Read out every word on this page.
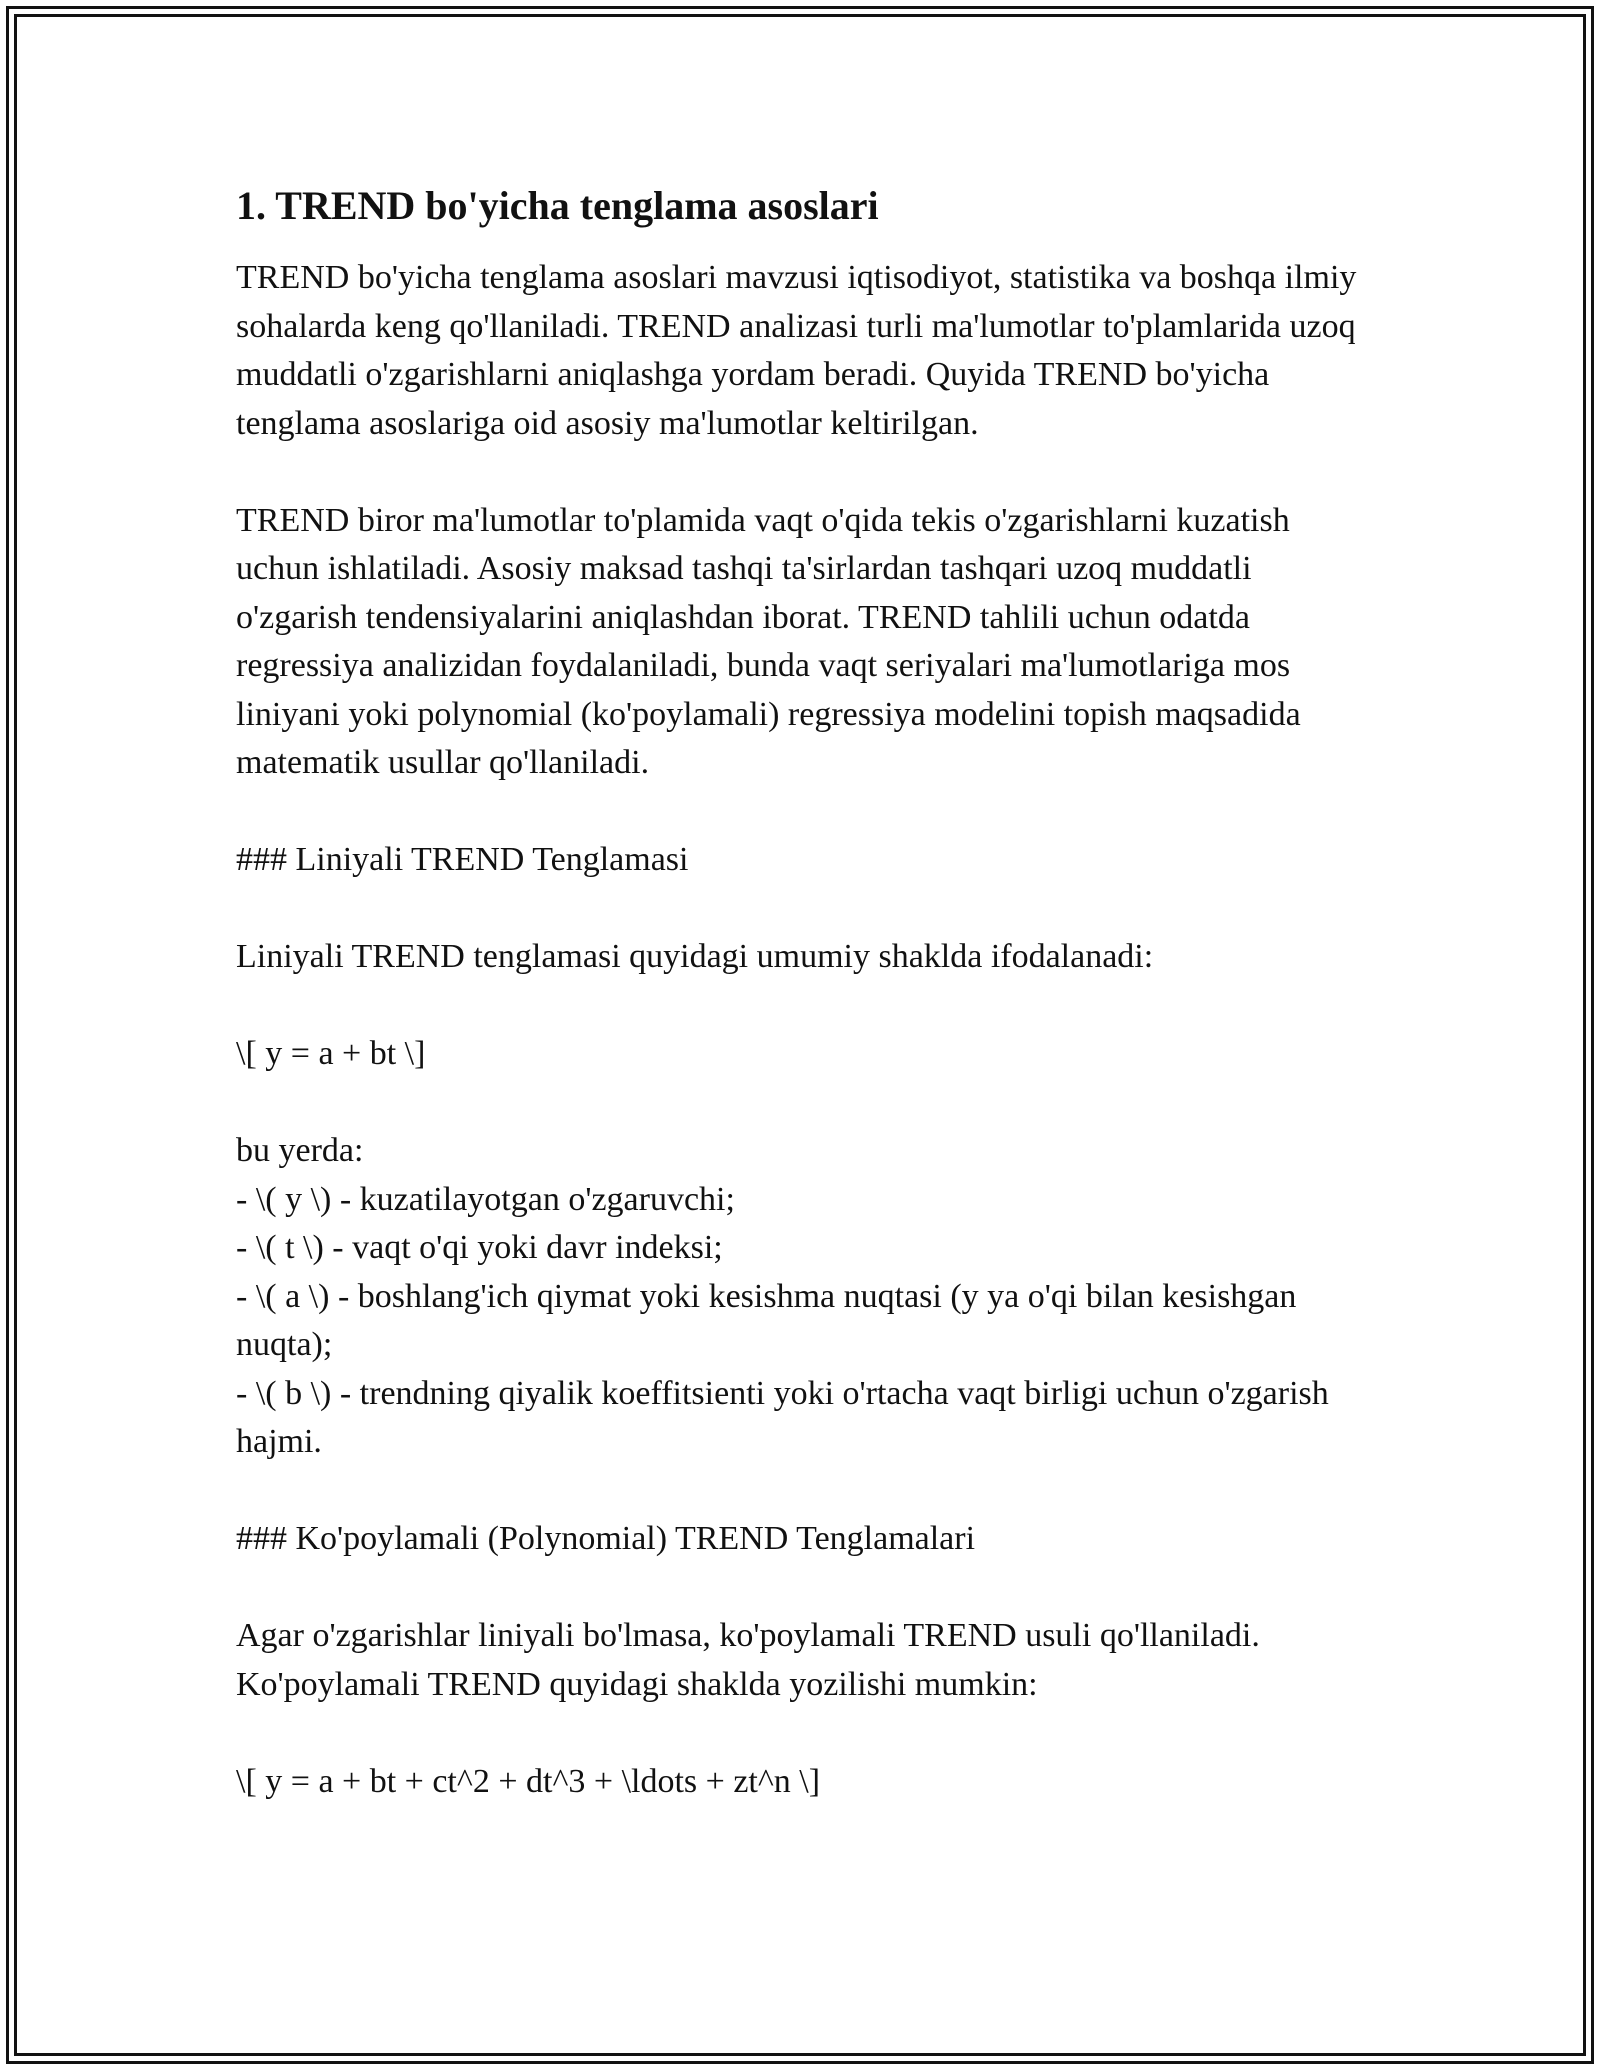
1. TREND bo'yicha tenglama asoslari

TREND bo'yicha tenglama asoslari mavzusi iqtisodiyot, statistika va boshqa ilmiy sohalarda keng qo'llaniladi. TREND analizasi turli ma'lumotlar to'plamlarida uzoq muddatli o'zgarishlarni aniqlashga yordam beradi. Quyida TREND bo'yicha tenglama asoslariga oid asosiy ma'lumotlar keltirilgan.

TREND biror ma'lumotlar to'plamida vaqt o'qida tekis o'zgarishlarni kuzatish uchun ishlatiladi. Asosiy maksad tashqi ta'sirlardan tashqari uzoq muddatli o'zgarish tendensiyalarini aniqlashdan iborat. TREND tahlili uchun odatda regressiya analizidan foydalaniladi, bunda vaqt seriyalari ma'lumotlariga mos liniyani yoki polynomial (ko'poylamali) regressiya modelini topish maqsadida matematik usullar qo'llaniladi.

### Liniyali TREND Tenglamasi

Liniyali TREND tenglamasi quyidagi umumiy shaklda ifodalanadi:

\[ y = a + bt \]

bu yerda:

- \( y \) - kuzatilayotgan o'zgaruvchi;

- \( t \) - vaqt o'qi yoki davr indeksi;

- \( a \) - boshlang'ich qiymat yoki kesishma nuqtasi (y ya o'qi bilan kesishgan nuqta);

- \( b \) - trendning qiyalik koeffitsienti yoki o'rtacha vaqt birligi uchun o'zgarish hajmi.

### Ko'poylamali (Polynomial) TREND Tenglamalari

Agar o'zgarishlar liniyali bo'lmasa, ko'poylamali TREND usuli qo'llaniladi. Ko'poylamali TREND quyidagi shaklda yozilishi mumkin:

\[ y = a + bt + ct^2 + dt^3 + \ldots + zt^n \]
